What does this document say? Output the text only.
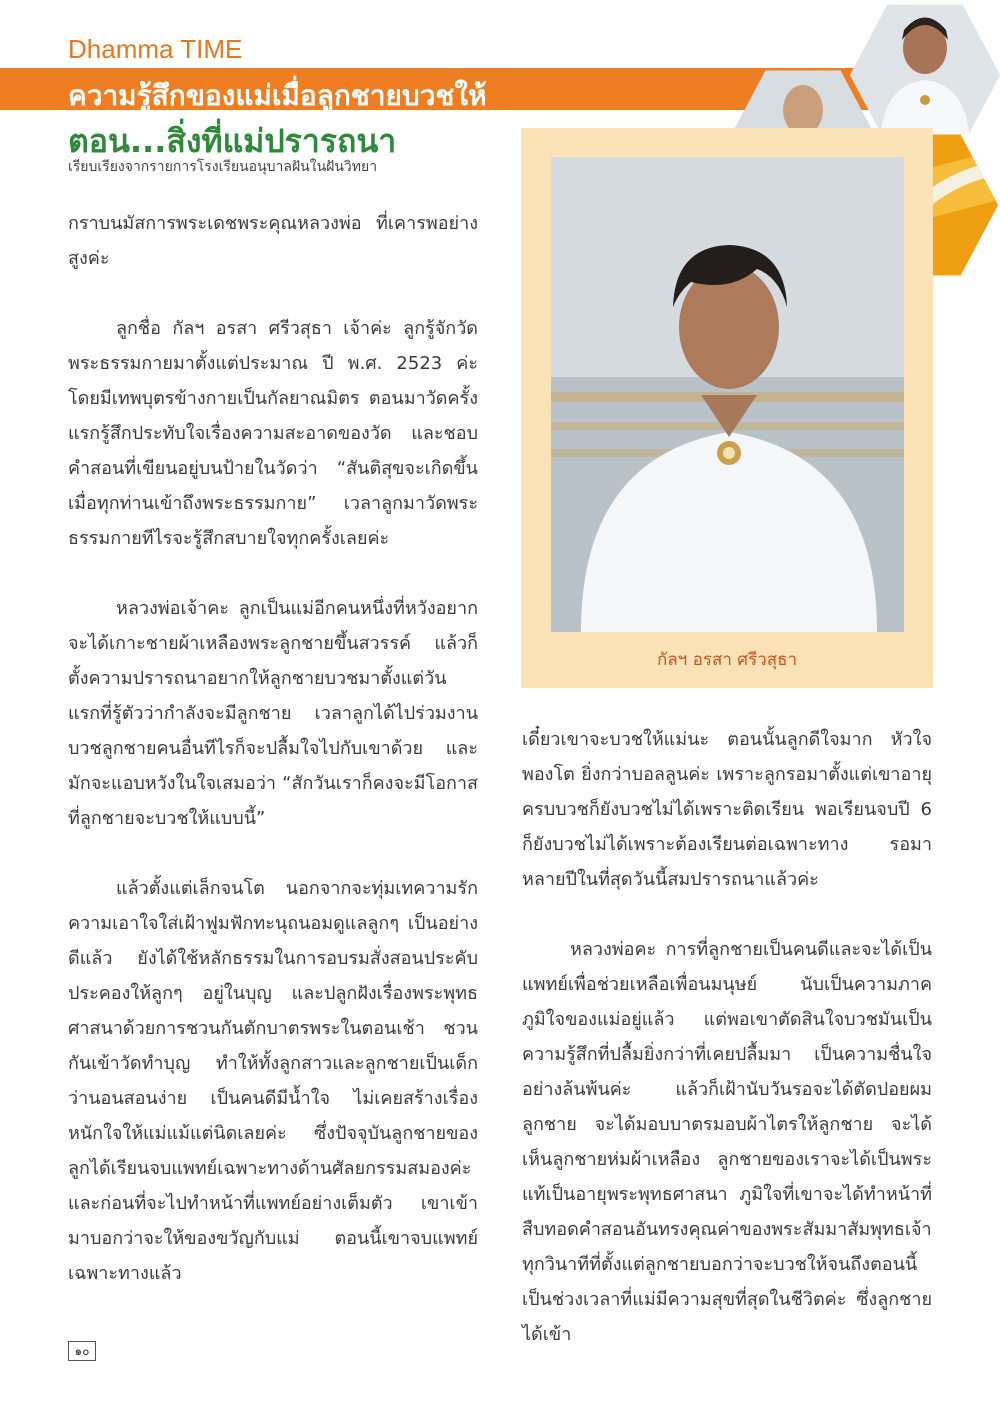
Dhamma TIME
ความรู้สึกของแม่เมื่อลูกชายบวชให้
ตอน...สิ่งที่แม่ปรารถนา
เรียบเรียงจากรายการโรงเรียนอนุบาลฝันในฝันวิทยา
กัลฯ อรสา ศรีวสุธา

กราบนมัสการพระเดชพระคุณหลวงพ่อ ที่เคารพอย่างสูงค่ะ

ลูกชื่อ กัลฯ อรสา ศรีวสุธา เจ้าค่ะ ลูกรู้จักวัดพระธรรมกายมาตั้งแต่ประมาณ ปี พ.ศ. 2523 ค่ะ โดยมีเทพบุตรข้างกายเป็นกัลยาณมิตร ตอนมาวัดครั้งแรกรู้สึกประทับใจเรื่องความสะอาดของวัด และชอบคำสอนที่เขียนอยู่บนป้ายในวัดว่า “สันติสุขจะเกิดขึ้น เมื่อทุกท่านเข้าถึงพระธรรมกาย” เวลาลูกมาวัดพระธรรมกายทีไรจะรู้สึกสบายใจทุกครั้งเลยค่ะ

หลวงพ่อเจ้าคะ ลูกเป็นแม่อีกคนหนึ่งที่หวังอยากจะได้เกาะชายผ้าเหลืองพระลูกชายขึ้นสวรรค์ แล้วก็ตั้งความปรารถนาอยากให้ลูกชายบวชมาตั้งแต่วันแรกที่รู้ตัวว่ากำลังจะมีลูกชาย เวลาลูกได้ไปร่วมงานบวชลูกชายคนอื่นทีไรก็จะปลื้มใจไปกับเขาด้วย และมักจะแอบหวังในใจเสมอว่า “สักวันเราก็คงจะมีโอกาส ที่ลูกชายจะบวชให้แบบนี้”

แล้วตั้งแต่เล็กจนโต นอกจากจะทุ่มเทความรักความเอาใจใส่เฝ้าฟูมฟักทะนุถนอมดูแลลูกๆ เป็นอย่างดีแล้ว ยังได้ใช้หลักธรรมในการอบรมสั่งสอนประคับประคองให้ลูกๆ อยู่ในบุญ และปลูกฝังเรื่องพระพุทธศาสนาด้วยการชวนกันตักบาตรพระในตอนเช้า ชวนกันเข้าวัดทำบุญ ทำให้ทั้งลูกสาวและลูกชายเป็นเด็กว่านอนสอนง่าย เป็นคนดีมีน้ำใจ ไม่เคยสร้างเรื่องหนักใจให้แม่แม้แต่นิดเลยค่ะ ซึ่งปัจจุบันลูกชายของลูกได้เรียนจบแพทย์เฉพาะทางด้านศัลยกรรมสมองค่ะ และก่อนที่จะไปทำหน้าที่แพทย์อย่างเต็มตัว เขาเข้ามาบอกว่าจะให้ของขวัญกับแม่ ตอนนี้เขาจบแพทย์เฉพาะทางแล้ว

เดี๋ยวเขาจะบวชให้แม่นะ ตอนนั้นลูกดีใจมาก หัวใจพองโต ยิ่งกว่าบอลลูนค่ะ เพราะลูกรอมาตั้งแต่เขาอายุครบบวชก็ยังบวชไม่ได้เพราะติดเรียน พอเรียนจบปี 6 ก็ยังบวชไม่ได้เพราะต้องเรียนต่อเฉพาะทาง รอมาหลายปีในที่สุดวันนี้สมปรารถนาแล้วค่ะ

หลวงพ่อคะ การที่ลูกชายเป็นคนดีและจะได้เป็นแพทย์เพื่อช่วยเหลือเพื่อนมนุษย์ นับเป็นความภาคภูมิใจของแม่อยู่แล้ว แต่พอเขาตัดสินใจบวชมันเป็นความรู้สึกที่ปลื้มยิ่งกว่าที่เคยปลื้มมา เป็นความชื่นใจอย่างล้นพ้นค่ะ แล้วก็เฝ้านับวันรอจะได้ตัดปอยผมลูกชาย จะได้มอบบาตรมอบผ้าไตรให้ลูกชาย จะได้เห็นลูกชายห่มผ้าเหลือง ลูกชายของเราจะได้เป็นพระแท้เป็นอายุพระพุทธศาสนา ภูมิใจที่เขาจะได้ทำหน้าที่สืบทอดคำสอนอันทรงคุณค่าของพระสัมมาสัมพุทธเจ้า ทุกวินาทีที่ตั้งแต่ลูกชายบอกว่าจะบวชให้จนถึงตอนนี้ เป็นช่วงเวลาที่แม่มีความสุขที่สุดในชีวิตค่ะ ซึ่งลูกชายได้เข้า

๑๐
